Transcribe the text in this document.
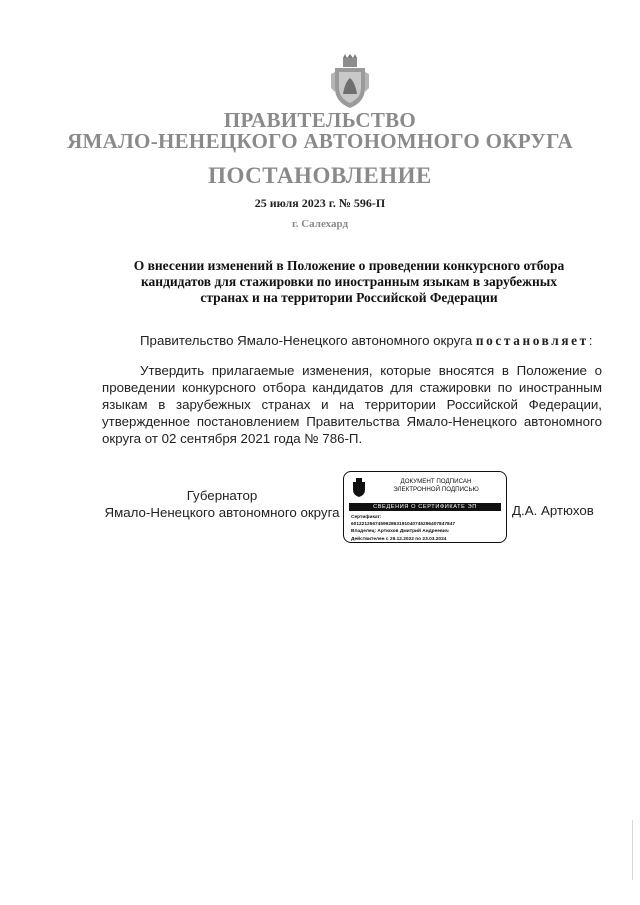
ПРАВИТЕЛЬСТВО
ЯМАЛО-НЕНЕЦКОГО АВТОНОМНОГО ОКРУГА
ПОСТАНОВЛЕНИЕ
25 июля 2023 г. № 596-П
г. Салехард
О внесении изменений в Положение о проведении конкурсного отбора
кандидатов для стажировки по иностранным языкам в зарубежных
странах и на территории Российской Федерации
Правительство Ямало-Ненецкого автономного округа постановляет:
Утвердить прилагаемые изменения, которые вносятся в Положение о проведении конкурсного отбора кандидатов для стажировки по иностранным языкам в зарубежных странах и на территории Российской Федерации, утвержденное постановлением Правительства Ямало-Ненецкого автономного округа от 02 сентября 2021 года № 786-П.
Губернатор
Ямало-Ненецкого автономного округа
ДОКУМЕНТ ПОДПИСАН
ЭЛЕКТРОННОЙ ПОДПИСЬЮ
СВЕДЕНИЯ О СЕРТИФИКАТЕ ЭП
Сертификат:
601221256745992863191040745296407847847
Владелец: Артюхов Дмитрий Андреевич
Действителен с 29.12.2022 по 23.03.2024
Д.А. Артюхов
